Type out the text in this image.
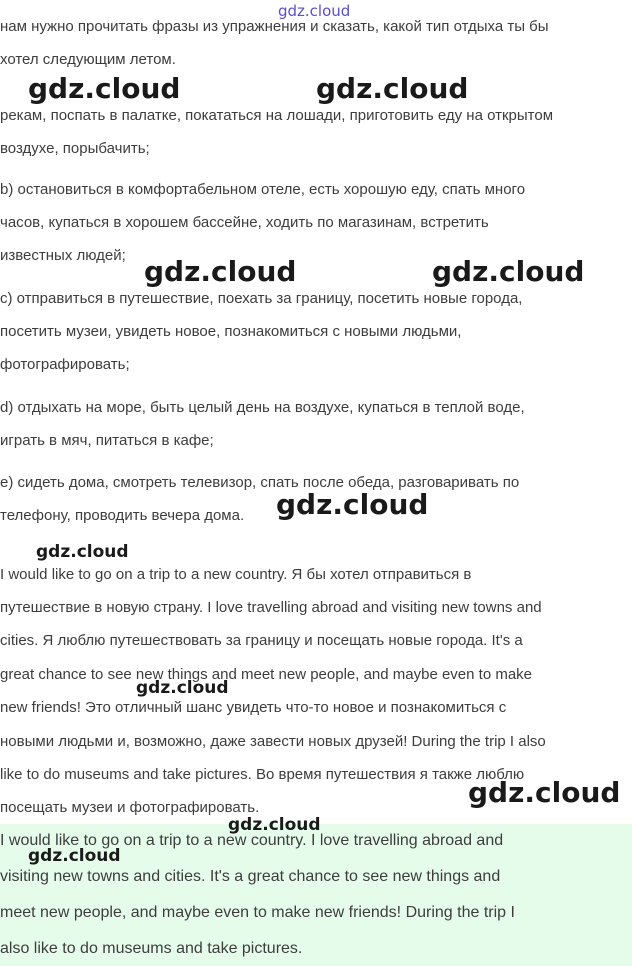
нам нужно прочитать фразы из упражнения и сказать, какой тип отдыха ты бы

хотел следующим летом.

рекам, поспать в палатке, покататься на лошади, приготовить еду на открытом

воздухе, порыбачить;

b) остановиться в комфортабельном отеле, есть хорошую еду, спать много

часов, купаться в хорошем бассейне, ходить по магазинам, встретить

известных людей;

c) отправиться в путешествие, поехать за границу, посетить новые города,

посетить музеи, увидеть новое, познакомиться с новыми людьми,

фотографировать;

d) отдыхать на море, быть целый день на воздухе, купаться в теплой воде,

играть в мяч, питаться в кафе;

e) сидеть дома, смотреть телевизор, спать после обеда, разговаривать по

телефону, проводить вечера дома.

I would like to go on a trip to a new country. Я бы хотел отправиться в

путешествие в новую страну. I love travelling abroad and visiting new towns and

cities. Я люблю путешествовать за границу и посещать новые города. It's a

great chance to see new things and meet new people, and maybe even to make

new friends! Это отличный шанс увидеть что-то новое и познакомиться с

новыми людьми и, возможно, даже завести новых друзей! During the trip I also

like to do museums and take pictures. Во время путешествия я также люблю

посещать музеи и фотографировать.

I would like to go on a trip to a new country. I love travelling abroad and

visiting new towns and cities. It's a great chance to see new things and

meet new people, and maybe even to make new friends! During the trip I

also like to do museums and take pictures.

gdz.cloud
gdz.cloud	gdz.cloud
gdz.cloud	gdz.cloud
gdz.cloud
gdz.cloud
gdz.cloud
gdz.cloud
gdz.cloud
gdz.cloud
